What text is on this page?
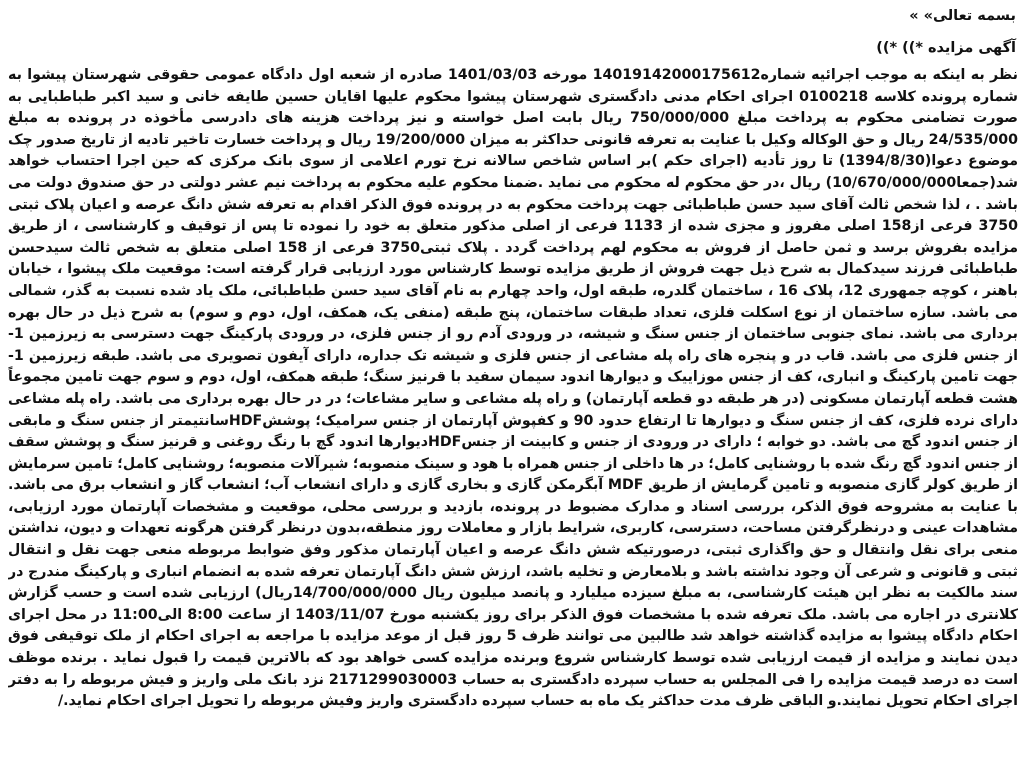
بسمه تعالی» »
آگهی مزایده *)) *))
نظر به اینکه به موجب اجرائیه شماره14019142000175612 مورخه 1401/03/03 صادره از شعبه اول دادگاه عمومی حقوقی شهرستان پیشوا به شماره پرونده کلاسه 0100218 اجرای احکام مدنی دادگستری شهرستان پیشوا محکوم علیها اقایان حسین طایفه خانی و سید اکبر طباطبایی به صورت تضامنی محکوم به پرداخت مبلغ 750/000/000 ریال بابت اصل خواسته و نیز پرداخت هزینه های دادرسی مأخوذه در پرونده به مبلغ 24/535/000 ریال و حق الوکاله وکیل با عنایت به تعرفه قانونی حداکثر به میزان 19/200/000 ریال و پرداخت خسارت تاخیر تادیه از تاریخ صدور چک موضوع دعوا(1394/8/30) تا روز تأدیه (اجرای حکم )بر اساس شاخص سالانه نرخ تورم اعلامی از سوی بانک مرکزی که حین اجرا احتساب خواهد شد(جمعا10/670/000/000) ریال ،در حق محکوم له محکوم می نماید .ضمنا محکوم علیه محکوم به پرداخت نیم عشر دولتی در حق صندوق دولت می باشد . ، لذا شخص ثالث آقای سید حسن طباطبائی جهت پرداخت محکوم به در پرونده فوق الذکر اقدام به تعرفه شش دانگ عرصه و اعیان پلاک ثبتی 3750 فرعی از158 اصلی مفروز و مجزی شده از 1133 فرعی از اصلی مذکور متعلق به خود را نموده تا پس از توقیف و کارشناسی ، از طریق مزایده بفروش برسد و ثمن حاصل از فروش به محکوم لهم پرداخت گردد . پلاک ثبتی3750 فرعی از 158 اصلی متعلق به شخص ثالث سیدحسن طباطبائی فرزند سیدکمال به شرح ذیل جهت فروش از طریق مزایده توسط کارشناس مورد ارزیابی قرار گرفته است: موقعیت ملک پیشوا ، خیابان باهنر ، کوچه جمهوری 12، پلاک 16 ، ساختمان گلدره، طبقه اول، واحد چهارم به نام آقای سید حسن طباطبائی، ملک یاد شده نسبت به گذر، شمالی می باشد. سازه ساختمان از نوع اسکلت فلزی، تعداد طبقات ساختمان، پنج طبقه (منفی یک، همکف، اول، دوم و سوم) به شرح ذیل در حال بهره برداری می باشد. نمای جنوبی ساختمان از جنس سنگ و شیشه، در ورودی آدم رو از جنس فلزی، در ورودی پارکینگ جهت دسترسی به زیرزمین 1- از جنس فلزی می باشد. قاب در و پنجره های راه پله مشاعی از جنس فلزی و شیشه تک جداره، دارای آیفون تصویری می باشد. طبقه زیرزمین 1- جهت تامین پارکینگ و انباری، کف از جنس موزاییک و دیوارها اندود سیمان سفید با قرنیز سنگ؛ طبقه همکف، اول، دوم و سوم جهت تامین مجموعاً هشت قطعه آپارتمان مسکونی (در هر طبقه دو قطعه آپارتمان) و راه پله مشاعی و سایر مشاعات؛ در در حال بهره برداری می باشد. راه پله مشاعی دارای نرده فلزی، کف از جنس سنگ و دیوارها تا ارتفاع حدود 90 و کفپوش آپارتمان از جنس سرامیک؛ پوششHDFسانتیمتر از جنس سنگ و مابقی از جنس اندود گچ می باشد. دو خوابه ؛ دارای در ورودی از جنس و کابینت از جنسHDFدیوارها اندود گچ با رنگ روغنی و قرنیز سنگ و پوشش سقف از جنس اندود گچ رنگ شده با روشنایی کامل؛ در ها داخلی از جنس همراه با هود و سینک منصوبه؛ شیرآلات منصوبه؛ روشنایی کامل؛ تامین سرمایش از طریق کولر گازی منصوبه و تامین گرمایش از طریق MDF آبگرمکن گازی و بخاری گازی و دارای انشعاب آب؛ انشعاب گاز و انشعاب برق می باشد. با عنایت به مشروحه فوق الذکر، بررسی اسناد و مدارک مضبوط در پرونده، بازدید و بررسی محلی، موقعیت و مشخصات آپارتمان مورد ارزیابی، مشاهدات عینی و درنظرگرفتن مساحت، دسترسی، کاربری، شرایط بازار و معاملات روز منطقه،بدون درنظر گرفتن هرگونه تعهدات و دیون، نداشتن منعی برای نقل وانتقال و حق واگذاری ثبتی، درصورتیکه شش دانگ عرصه و اعیان آپارتمان مذکور وفق ضوابط مربوطه منعی جهت نقل و انتقال ثبتی و قانونی و شرعی آن وجود نداشته باشد و بلامعارض و تخلیه باشد، ارزش شش دانگ آپارتمان تعرفه شده به انضمام انباری و پارکینگ مندرج در سند مالکیت به نظر این هیئت کارشناسی، به مبلغ سیزده میلیارد و پانصد میلیون ریال 14/700/000/000ریال) ارزیابی شده است و حسب گزارش کلانتری در اجاره می باشد. ملک تعرفه شده با مشخصات فوق الذکر برای روز یکشنبه مورخ 1403/11/07 از ساعت 8:00 الی11:00 در محل اجرای احکام دادگاه پیشوا به مزایده گذاشته خواهد شد طالبین می توانند ظرف 5 روز قبل از موعد مزایده با مراجعه به اجرای احکام از ملک توقیفی فوق دیدن نمایند و مزایده از قیمت ارزیابی شده توسط کارشناس شروع وبرنده مزایده کسی خواهد بود که بالاترین قیمت را قبول نماید . برنده موظف است ده درصد قیمت مزایده را فی المجلس به حساب سپرده دادگستری به حساب 2171299030003 نزد بانک ملی واریز و فیش مربوطه را به دفتر اجرای احکام تحویل نمایند.و الباقی ظرف مدت حداکثر یک ماه به حساب سپرده دادگستری واریز وفیش مربوطه را تحویل اجرای احکام نماید./
